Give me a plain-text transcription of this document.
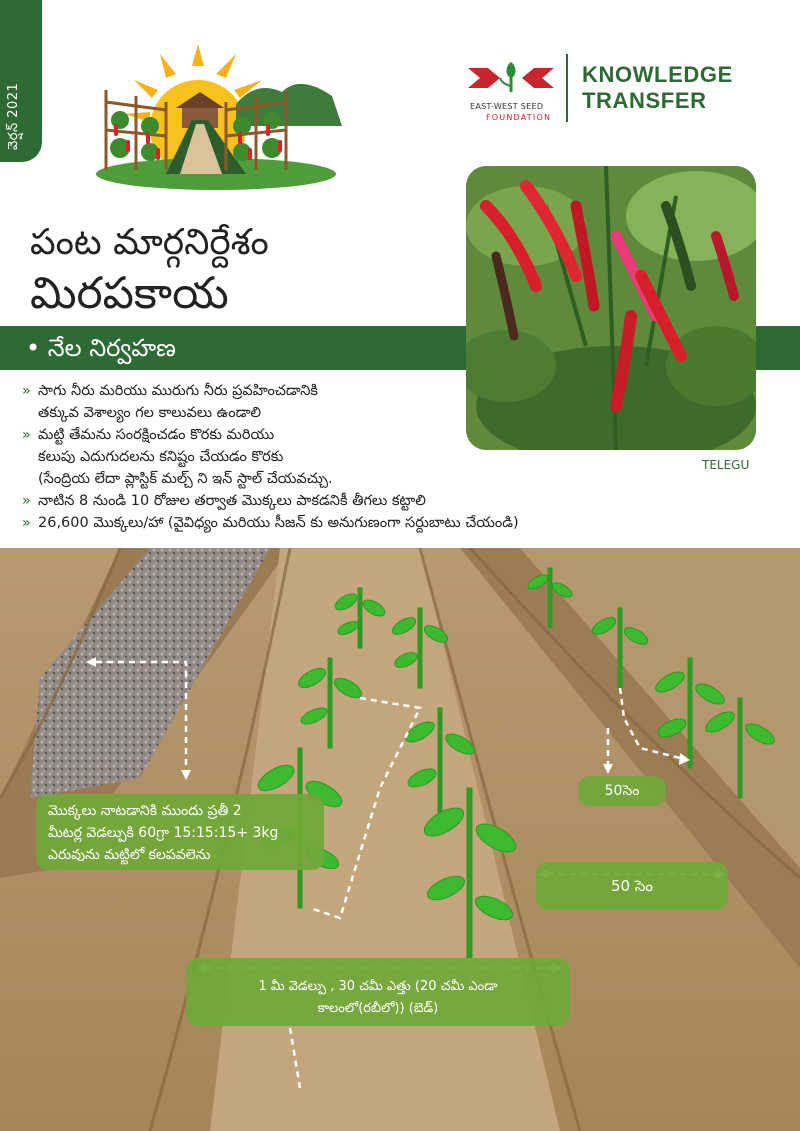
వెర్షన్ 2021	EAST-WEST SEED
FOUNDATION
KNOWLEDGE
TRANSFER
TELEGU
పంట మార్గనిర్దేశం
మిరపకాయ
• నేల నిర్వహణ
» సాగు నీరు మరియు మురుగు నీరు ప్రవహించడానికి
తక్కువ వెశాల్యం గల కాలువలు ఉండాలి
» మట్టి తేమను సంరక్షించడం కొరకు మరియు
కలుపు ఎదుగుదలను కనిష్టం చేయడం కొరకు
(సేంద్రియ లేదా ప్లాస్టిక్ మల్చ్ ని ఇన్ స్టాల్ చేయవచ్చు.
» నాటిన 8 నుండి 10 రోజుల తర్వాత మొక్కలు పాకడనికీ తీగలు కట్టాలి
» 26,600 మొక్కలు/హా (వైవిధ్యం మరియు సీజన్ కు అనుగుణంగా సర్దుబాటు చేయండి)
మొక్కలు నాటడానికి ముందు ప్రతీ 2
మీటర్ల వెడల్పుకి 60గ్రా 15:15:15+ 3kg
ఎరువును మట్టిలో కలపవలెను
50సెం
50 సెం
1 మీ వెడల్పు , 30 చమీ ఎత్తు (20 చమీ ఎండా
కాలంలో(రబీలో)) (బెడ్)
